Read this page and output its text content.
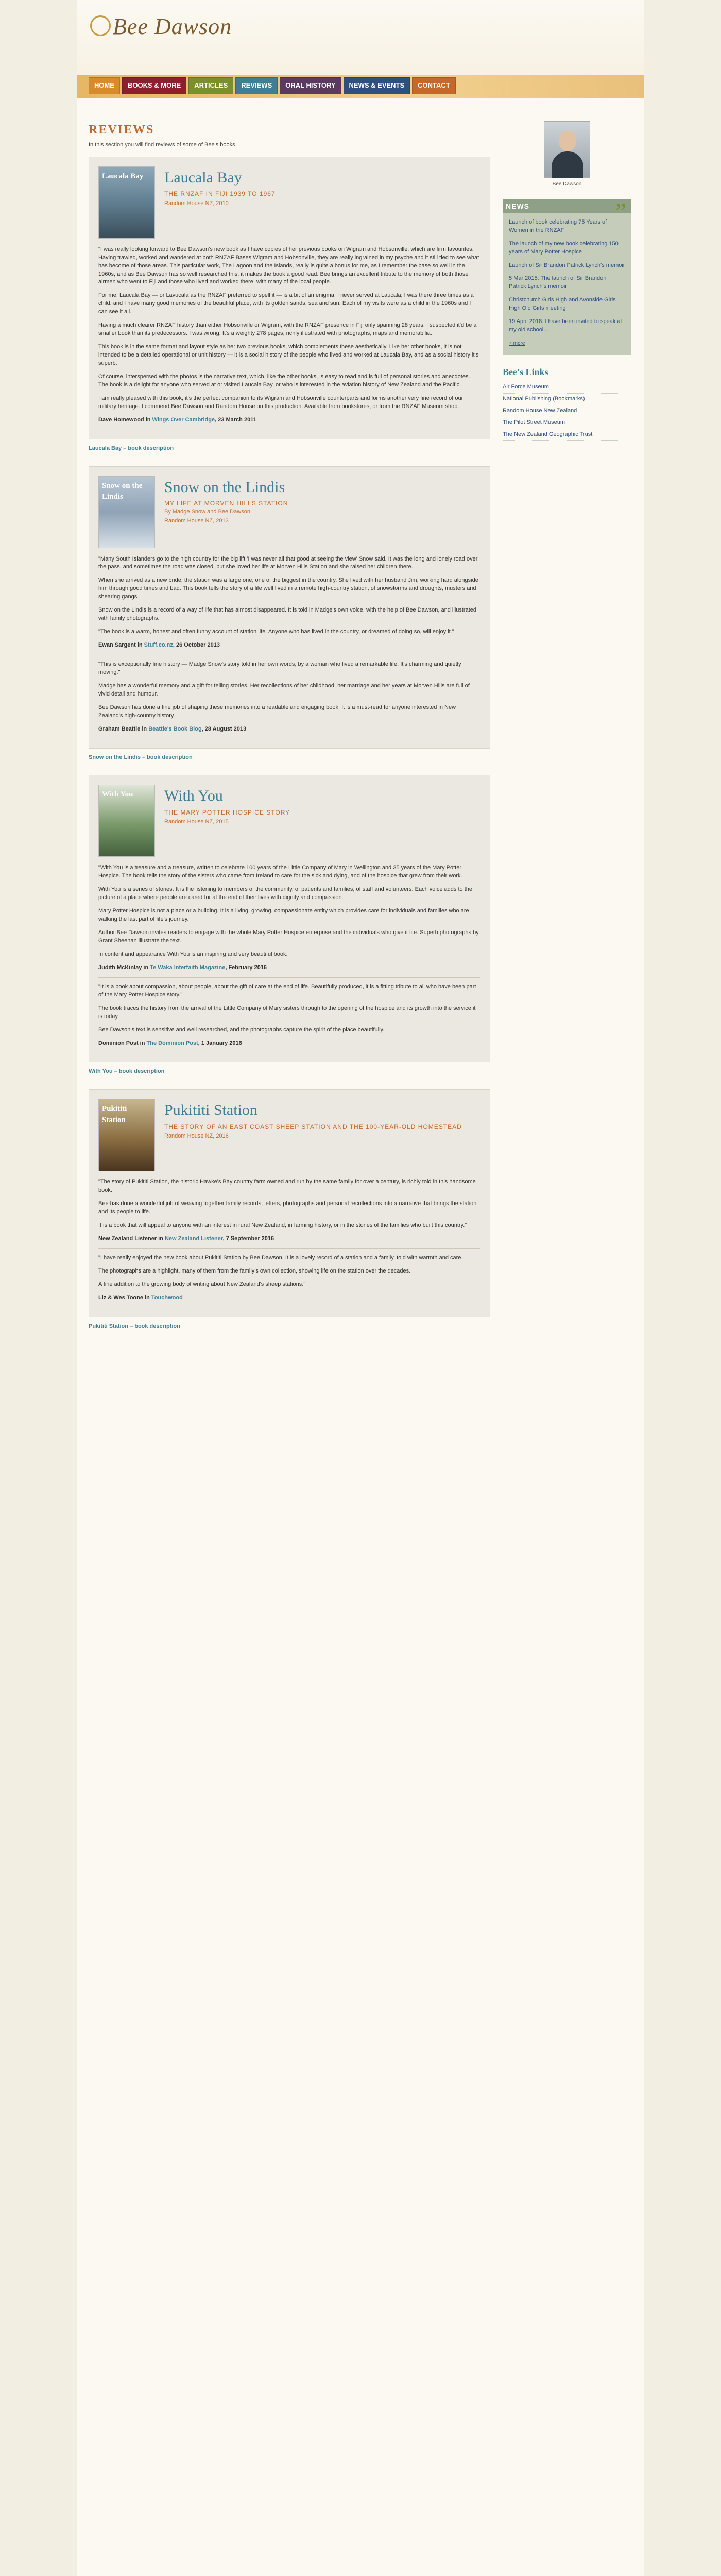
Bee Dawson
HOME	BOOKS & MORE	ARTICLES	REVIEWS	ORAL HISTORY	NEWS & EVENTS	CONTACT
REVIEWS

In this section you will find reviews of some of Bee's books.

Laucala Bay	Laucala Bay
THE RNZAF IN FIJI 1939 TO 1967
Random House NZ, 2010

"I was really looking forward to Bee Dawson's new book as I have copies of her previous books on Wigram and Hobsonville, which are firm favourites. Having trawled, worked and wandered at both RNZAF Bases Wigram and Hobsonville, they are really ingrained in my psyche and it still tied to see what has become of those areas. This particular work, The Lagoon and the Islands, really is quite a bonus for me, as I remember the base so well in the 1960s, and as Bee Dawson has so well researched this, it makes the book a good read. Bee brings an excellent tribute to the memory of both those airmen who went to Fiji and those who lived and worked there, with many of the local people.

For me, Laucala Bay — or Lavucala as the RNZAF preferred to spell it — is a bit of an enigma. I never served at Laucala; I was there three times as a child, and I have many good memories of the beautiful place, with its golden sands, sea and sun. Each of my visits were as a child in the 1960s and I can see it all.

Having a much clearer RNZAF history than either Hobsonville or Wigram, with the RNZAF presence in Fiji only spanning 28 years, I suspected it'd be a smaller book than its predecessors. I was wrong. It's a weighty 278 pages, richly illustrated with photographs, maps and memorabilia.

This book is in the same format and layout style as her two previous books, which complements these aesthetically. Like her other books, it is not intended to be a detailed operational or unit history — it is a social history of the people who lived and worked at Laucala Bay, and as a social history it's superb.

Of course, interspersed with the photos is the narrative text, which, like the other books, is easy to read and is full of personal stories and anecdotes. The book is a delight for anyone who served at or visited Laucala Bay, or who is interested in the aviation history of New Zealand and the Pacific.

I am really pleased with this book, it's the perfect companion to its Wigram and Hobsonville counterparts and forms another very fine record of our military heritage. I commend Bee Dawson and Random House on this production. Available from bookstores, or from the RNZAF Museum shop.

Dave Homewood in Wings Over Cambridge, 23 March 2011

Laucala Bay – book description
Snow on the Lindis
Snow on the Lindis
MY LIFE AT MORVEN HILLS STATION
By Madge Snow and Bee Dawson
Random House NZ, 2013

"Many South Islanders go to the high country for the big lift 'I was never all that good at seeing the view' Snow said. It was the long and lonely road over the pass, and sometimes the road was closed, but she loved her life at Morven Hills Station and she raised her children there.

When she arrived as a new bride, the station was a large one, one of the biggest in the country. She lived with her husband Jim, working hard alongside him through good times and bad. This book tells the story of a life well lived in a remote high-country station, of snowstorms and droughts, musters and shearing gangs.

Snow on the Lindis is a record of a way of life that has almost disappeared. It is told in Madge's own voice, with the help of Bee Dawson, and illustrated with family photographs.

"The book is a warm, honest and often funny account of station life. Anyone who has lived in the country, or dreamed of doing so, will enjoy it."

Ewan Sargent in Stuff.co.nz, 26 October 2013

"This is exceptionally fine history — Madge Snow's story told in her own words, by a woman who lived a remarkable life. It's charming and quietly moving."

Madge has a wonderful memory and a gift for telling stories. Her recollections of her childhood, her marriage and her years at Morven Hills are full of vivid detail and humour.

Bee Dawson has done a fine job of shaping these memories into a readable and engaging book. It is a must-read for anyone interested in New Zealand's high-country history.

Graham Beattie in Beattie's Book Blog, 28 August 2013

Snow on the Lindis – book description
With You	With You
THE MARY POTTER HOSPICE STORY
Random House NZ, 2015

"With You is a treasure and a treasure, written to celebrate 100 years of the Little Company of Mary in Wellington and 35 years of the Mary Potter Hospice. The book tells the story of the sisters who came from Ireland to care for the sick and dying, and of the hospice that grew from their work.

With You is a series of stories. It is the listening to members of the community, of patients and families, of staff and volunteers. Each voice adds to the picture of a place where people are cared for at the end of their lives with dignity and compassion.

Mary Potter Hospice is not a place or a building. It is a living, growing, compassionate entity which provides care for individuals and families who are walking the last part of life's journey.

Author Bee Dawson invites readers to engage with the whole Mary Potter Hospice enterprise and the individuals who give it life. Superb photographs by Grant Sheehan illustrate the text.

In content and appearance With You is an inspiring and very beautiful book."

Judith McKinlay in Te Waka Interfaith Magazine, February 2016

"It is a book about compassion, about people, about the gift of care at the end of life. Beautifully produced, it is a fitting tribute to all who have been part of the Mary Potter Hospice story."

The book traces the history from the arrival of the Little Company of Mary sisters through to the opening of the hospice and its growth into the service it is today.

Bee Dawson's text is sensitive and well researched, and the photographs capture the spirit of the place beautifully.

Dominion Post in The Dominion Post, 1 January 2016

With You – book description
Pukititi Station
Pukititi Station
THE STORY OF AN EAST COAST SHEEP STATION AND THE 100-YEAR-OLD HOMESTEAD
Random House NZ, 2016

"The story of Pukititi Station, the historic Hawke's Bay country farm owned and run by the same family for over a century, is richly told in this handsome book.

Bee has done a wonderful job of weaving together family records, letters, photographs and personal recollections into a narrative that brings the station and its people to life.

It is a book that will appeal to anyone with an interest in rural New Zealand, in farming history, or in the stories of the families who built this country."

New Zealand Listener in New Zealand Listener, 7 September 2016

"I have really enjoyed the new book about Pukititi Station by Bee Dawson. It is a lovely record of a station and a family, told with warmth and care.

The photographs are a highlight, many of them from the family's own collection, showing life on the station over the decades.

A fine addition to the growing body of writing about New Zealand's sheep stations."

Liz & Wes Toone in Touchwood

Pukititi Station – book description
Bee Dawson
”
NEWS
Launch of book celebrating 75 Years of Women in the RNZAF
The launch of my new book celebrating 150 years of Mary Potter Hospice
Launch of Sir Brandon Patrick Lynch's memoir
5 Mar 2015: The launch of Sir Brandon Patrick Lynch's memoir
Christchurch Girls High and Avonside Girls High Old Girls meeting
19 April 2018: I have been invited to speak at my old school...
+ more
Bee's Links
Air Force Museum
National Publishing (Bookmarks)
Random House New Zealand
The Pilot Street Museum
The New Zealand Geographic Trust
